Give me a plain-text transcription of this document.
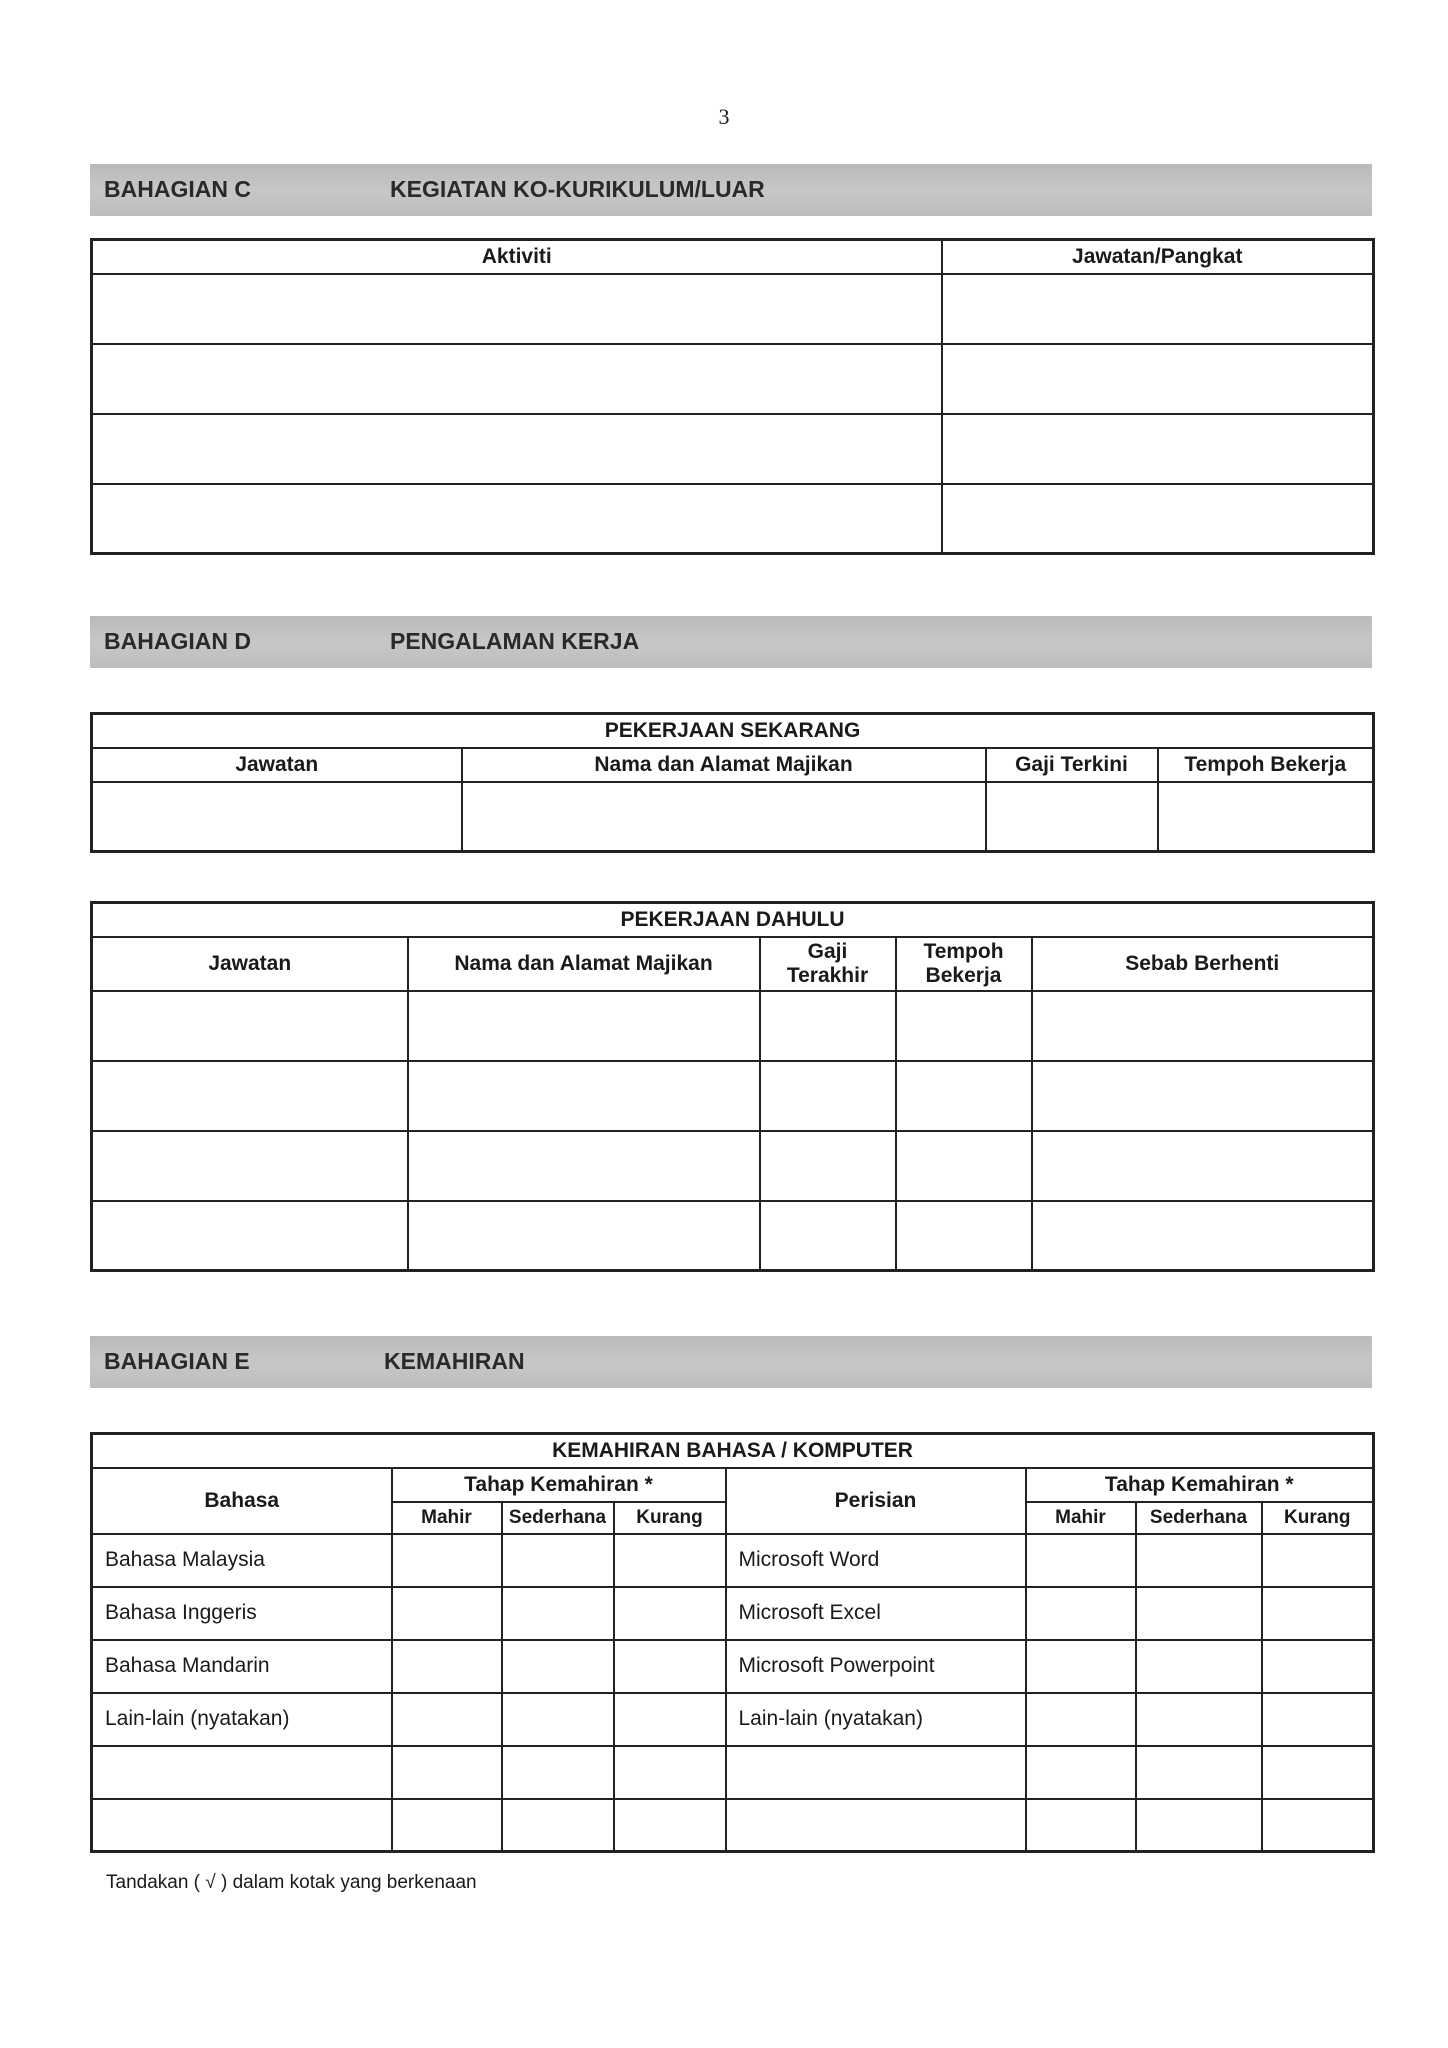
3
BAHAGIAN C	KEGIATAN KO-KURIKULUM/LUAR
Aktiviti	Jawatan/Pangkat

BAHAGIAN D	PENGALAMAN KERJA
PEKERJAAN SEKARANG			
Jawatan	Nama dan Alamat Majikan	Gaji Terkini	Tempoh Bekerja

PEKERJAAN DAHULU				
Jawatan	Nama dan Alamat Majikan	Gaji Terakhir	Tempoh Bekerja	Sebab Berhenti

BAHAGIAN E	KEMAHIRAN
KEMAHIRAN BAHASA / KOMPUTER							
Bahasa	Tahap Kemahiran *			Perisian	Tahap Kemahiran *		
	Mahir	Sederhana	Kurang		Mahir	Sederhana	Kurang
Bahasa Malaysia				Microsoft Word			
Bahasa Inggeris				Microsoft Excel			
Bahasa Mandarin				Microsoft Powerpoint			
Lain-lain (nyatakan)				Lain-lain (nyatakan)			

Tandakan ( √ ) dalam kotak yang berkenaan
